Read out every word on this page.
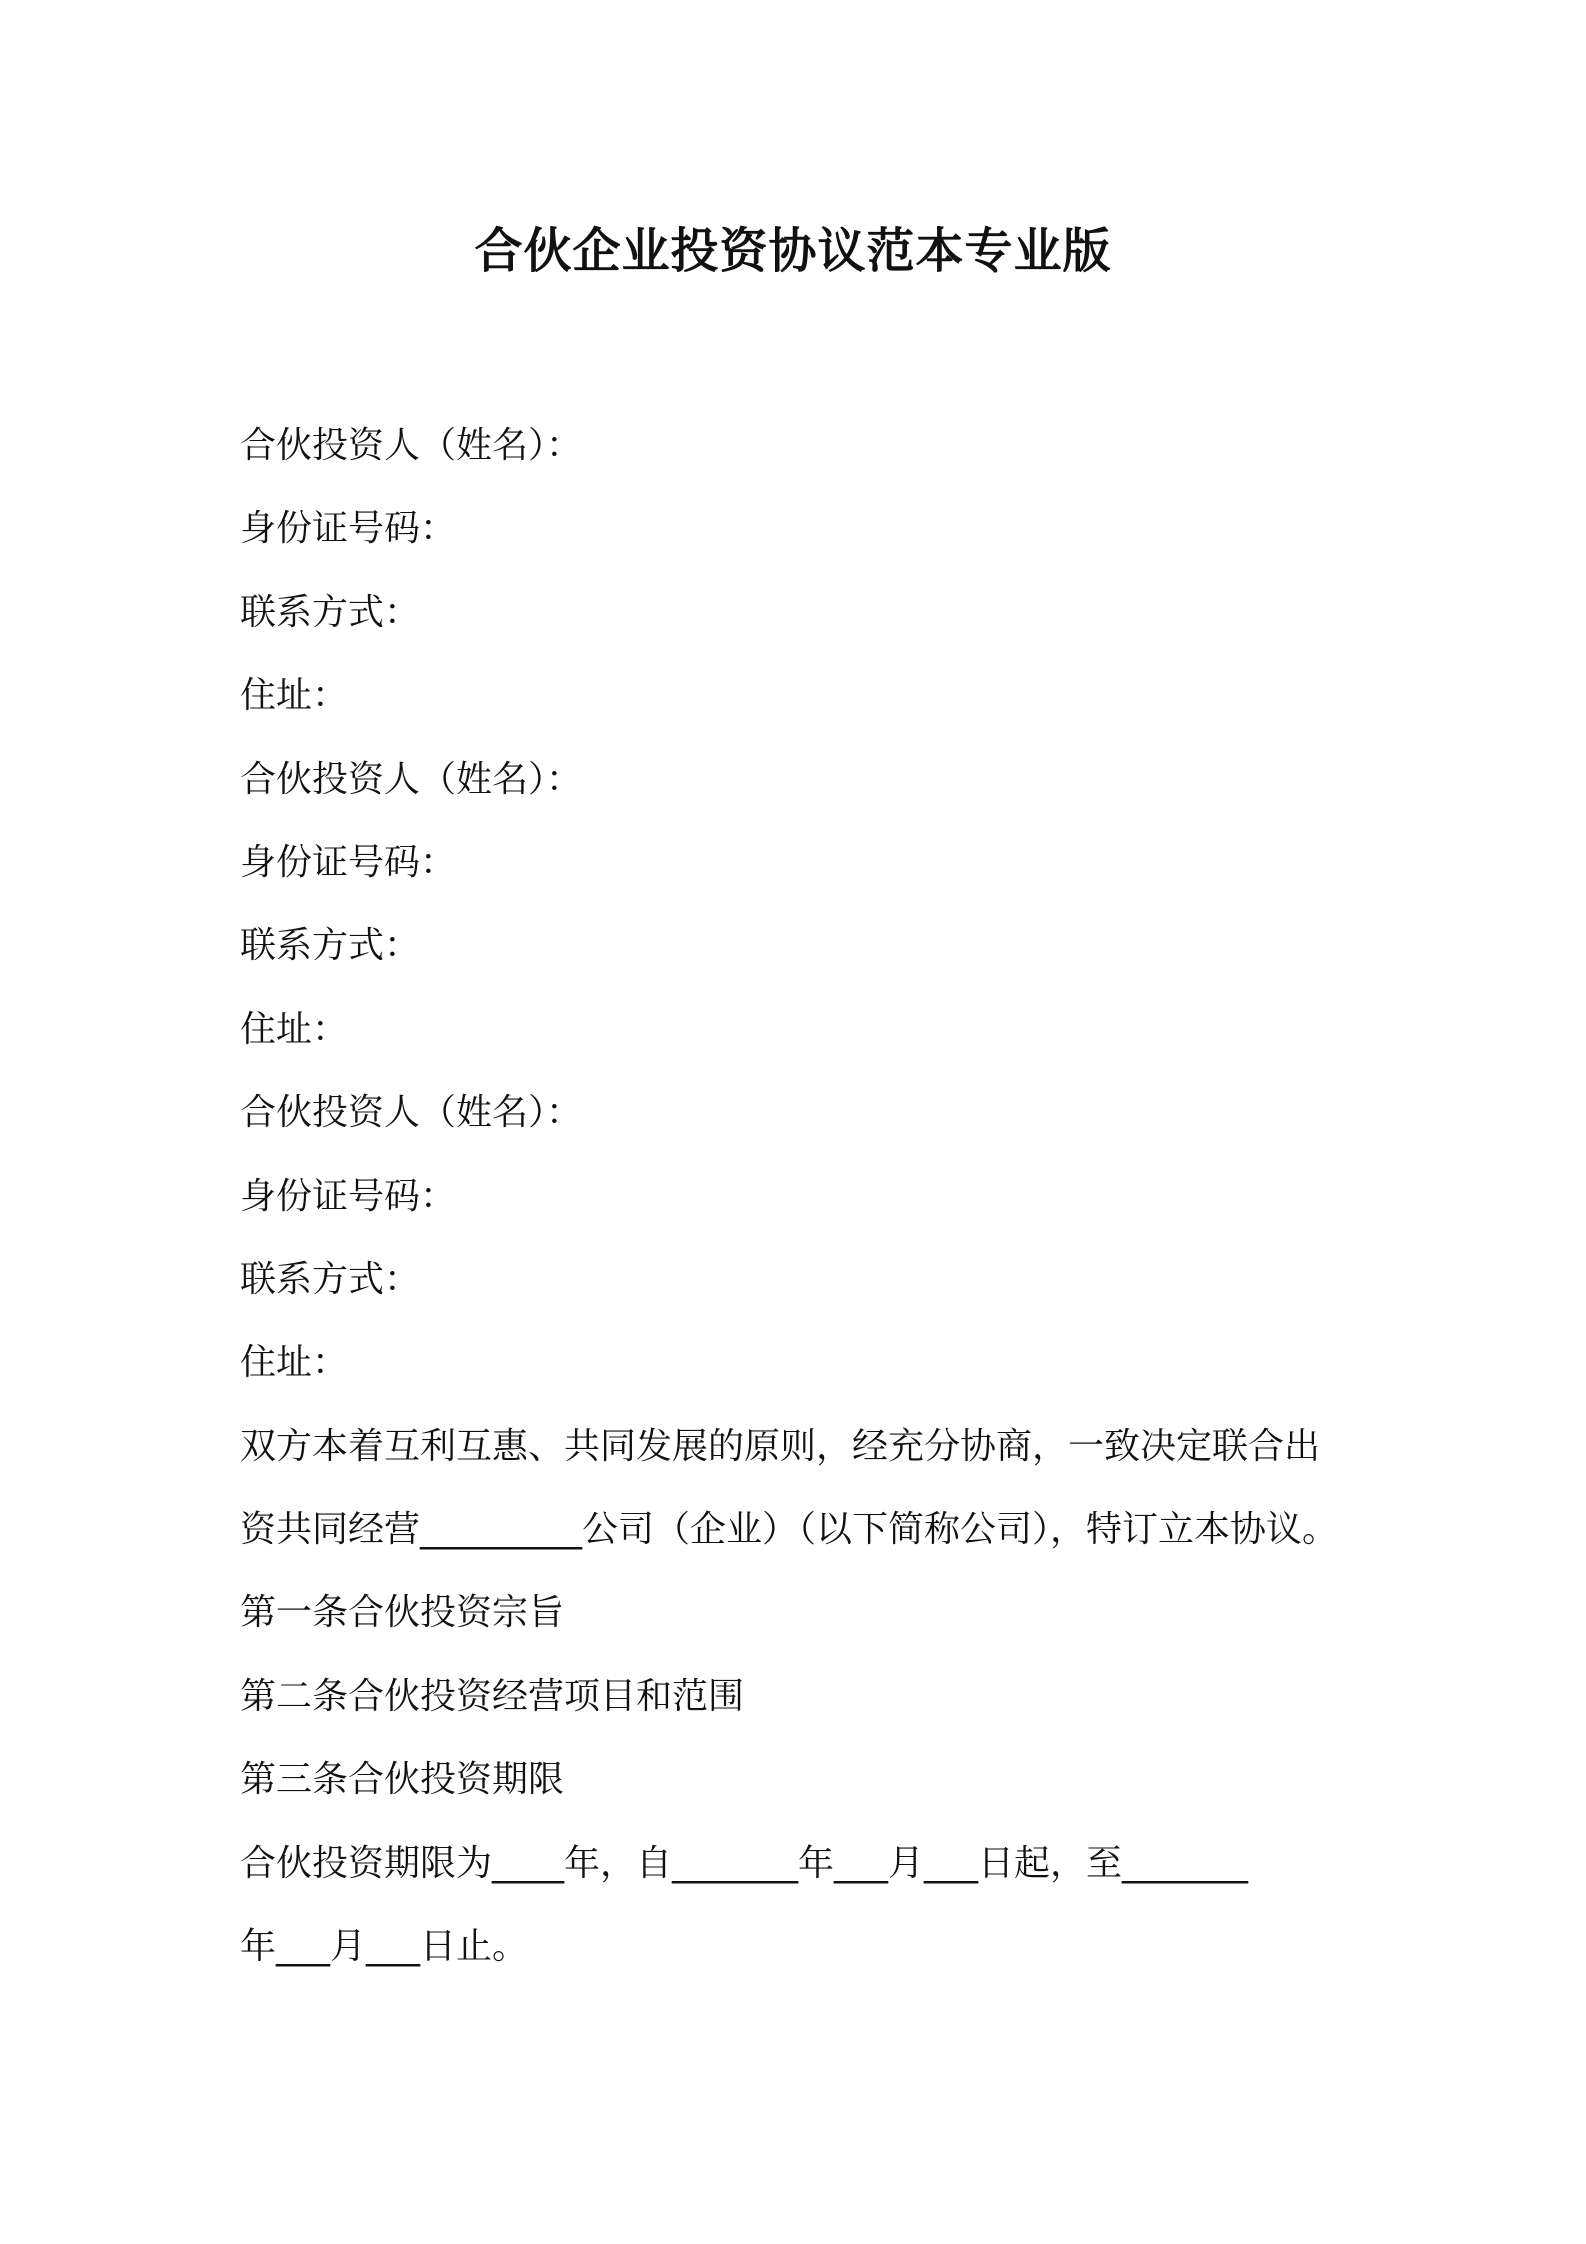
合伙企业投资协议范本专业版

合伙投资人（姓名）：

身份证号码：

联系方式：

住址：

合伙投资人（姓名）：

身份证号码：

联系方式：

住址：

合伙投资人（姓名）：

身份证号码：

联系方式：

住址：

双方本着互利互惠、共同发展的原则，经充分协商，一致决定联合出

资共同经营_________公司（企业）（以下简称公司），特订立本协议。

第一条合伙投资宗旨

第二条合伙投资经营项目和范围

第三条合伙投资期限

合伙投资期限为____年，自_______年___月___日起，至_______

年___月___日止。
